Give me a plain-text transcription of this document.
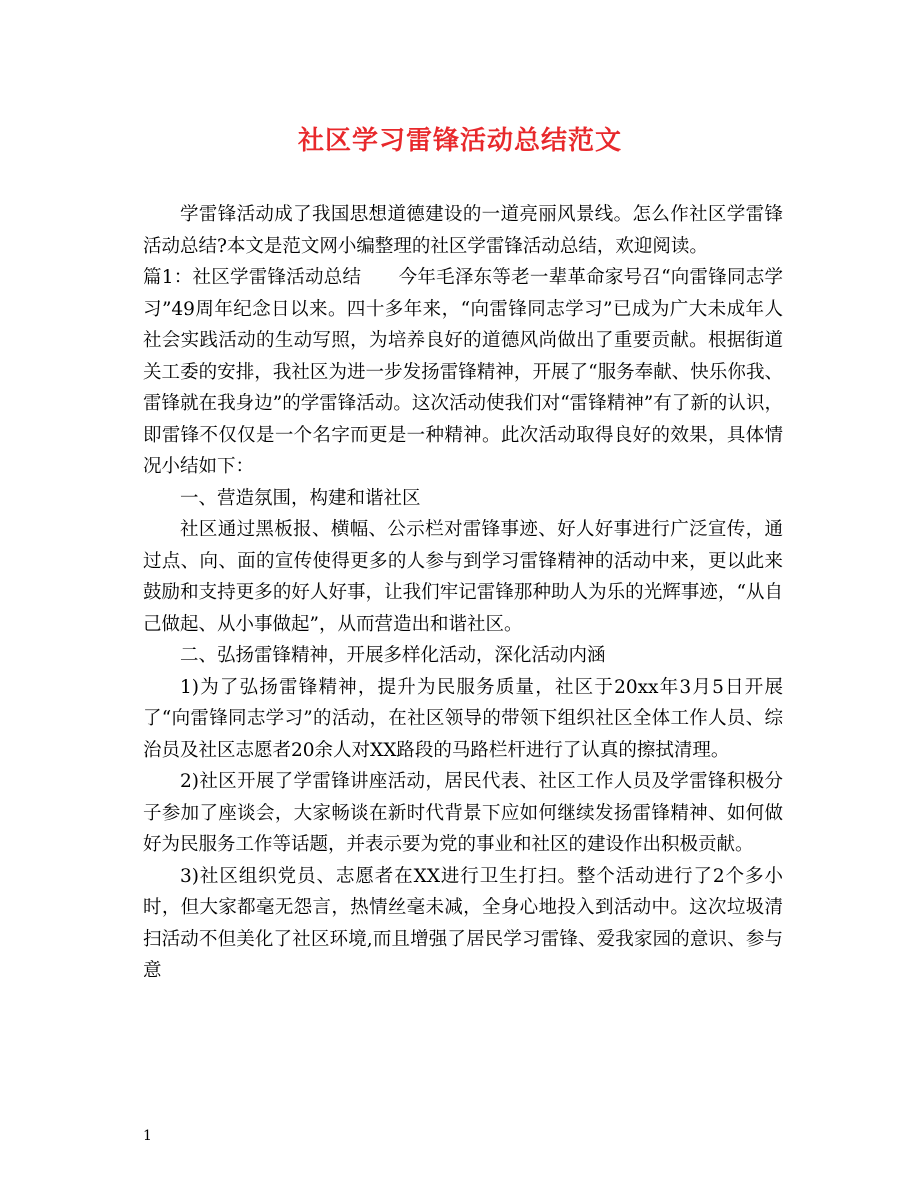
社区学习雷锋活动总结范文

学雷锋活动成了我国思想道德建设的一道亮丽风景线。怎么作社区学雷锋活动总结?本文是范文网小编整理的社区学雷锋活动总结，欢迎阅读。

篇1：社区学雷锋活动总结　　今年毛泽东等老一辈革命家号召“向雷锋同志学习”49周年纪念日以来。四十多年来，“向雷锋同志学习”已成为广大未成年人社会实践活动的生动写照，为培养良好的道德风尚做出了重要贡献。根据街道关工委的安排，我社区为进一步发扬雷锋精神，开展了“服务奉献、快乐你我、雷锋就在我身边”的学雷锋活动。这次活动使我们对“雷锋精神”有了新的认识，即雷锋不仅仅是一个名字而更是一种精神。此次活动取得良好的效果，具体情况小结如下：

一、营造氛围，构建和谐社区

社区通过黑板报、横幅、公示栏对雷锋事迹、好人好事进行广泛宣传，通过点、向、面的宣传使得更多的人参与到学习雷锋精神的活动中来，更以此来鼓励和支持更多的好人好事，让我们牢记雷锋那种助人为乐的光辉事迹，“从自己做起、从小事做起”，从而营造出和谐社区。

二、弘扬雷锋精神，开展多样化活动，深化活动内涵

1)为了弘扬雷锋精神，提升为民服务质量，社区于20xx年3月5日开展了“向雷锋同志学习”的活动，在社区领导的带领下组织社区全体工作人员、综治员及社区志愿者20余人对XX路段的马路栏杆进行了认真的擦拭清理。

2)社区开展了学雷锋讲座活动，居民代表、社区工作人员及学雷锋积极分子参加了座谈会，大家畅谈在新时代背景下应如何继续发扬雷锋精神、如何做好为民服务工作等话题，并表示要为党的事业和社区的建设作出积极贡献。

3)社区组织党员、志愿者在XX进行卫生打扫。整个活动进行了2个多小时，但大家都毫无怨言，热情丝毫未减，全身心地投入到活动中。这次垃圾清扫活动不但美化了社区环境,而且增强了居民学习雷锋、爱我家园的意识、参与意

1
